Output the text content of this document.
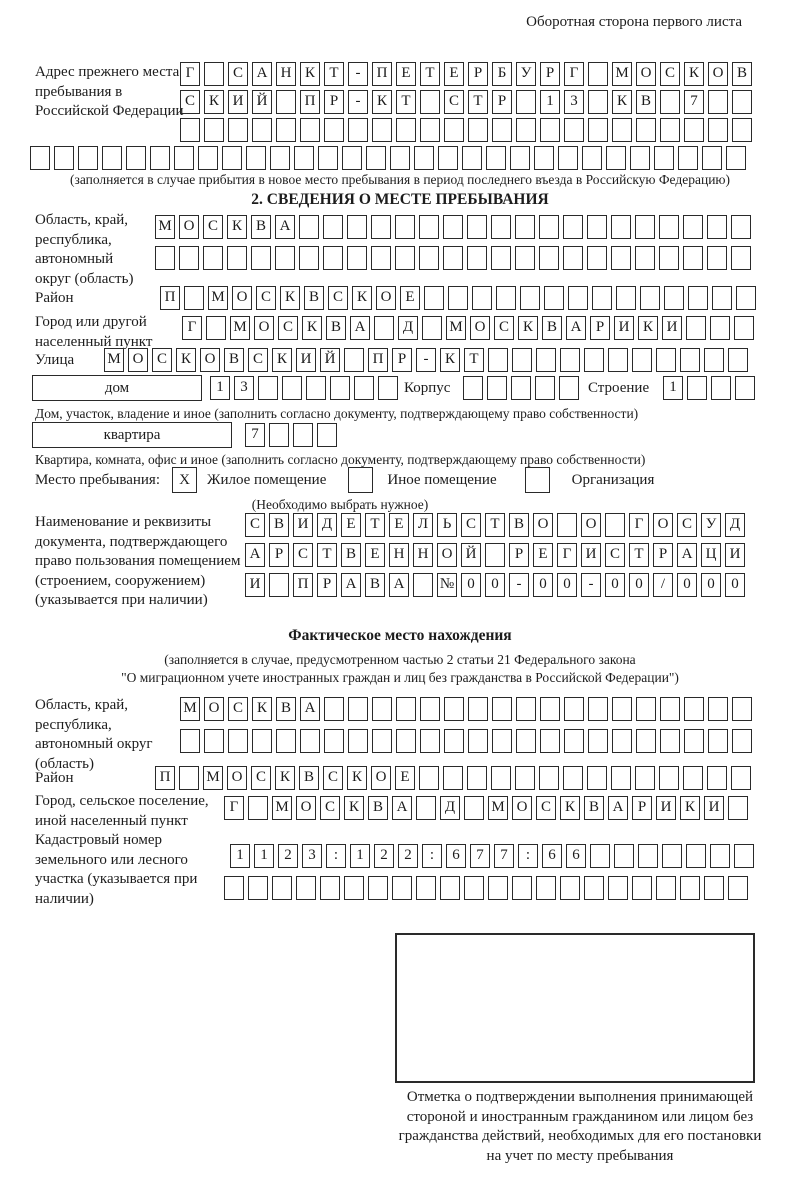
Оборотная сторона первого листа
Адрес прежнего места пребывания в Российской Федерации
Г	С А Н К Т	-	П Е Т Е	Р	Б У Р	Г	М О С К О В
С К И Й	П Р	-	К Т	С Т	Р	1	3	К В	7
(заполняется в случае прибытия в новое место пребывания в период последнего въезда в Российскую Федерацию)
2. СВЕДЕНИЯ О МЕСТЕ ПРЕБЫВАНИЯ
Область, край, республика, автономный округ (область)
М О С К В А
Район	П	М О С К В С К О Е
Город или другой населенный пункт
Г	М О С К В А	Д	М О С К В А Р И К И
Улица М О С К О В С К И Й	П Р	-	К Т
дом	1	3	Корпус	Строение	1
Дом, участок, владение и иное (заполнить согласно документу, подтверждающему право собственности)
квартира	7
Квартира, комната, офис и иное (заполнить согласно документу, подтверждающему право собственности)
Место пребывания:	X	Жилое помещение	Иное помещение	Организация
(Необходимо выбрать нужное)
Наименование и реквизиты документа, подтверждающего право пользования помещением (строением, сооружением) (указывается при наличии)
С В И Д Е Т Е Л Ь С Т В О	О	Г О С У Д
А Р С Т В Е Н Н О Й	Р	Е	Г И С Т	Р А Ц И
И	П Р А В А	№ 0	0	-	0	0	-	0	0	/	0	0	0
Фактическое место нахождения
(заполняется в случае, предусмотренном частью 2 статьи 21 Федерального закона
"О миграционном учете иностранных граждан и лиц без гражданства в Российской Федерации")
Область, край, республика, автономный округ (область)
М О С К В А
Район	П	М О С К В С К О Е
Город, сельское поселение, иной населенный пункт
Г	М О С К В А	Д	М О С К В А Р И К И
Кадастровый номер земельного или лесного участка (указывается при наличии)
1	1	2	3	:	1	2	2	:	6	7	7	:	6	6
Отметка о подтверждении выполнения принимающей стороной и иностранным гражданином или лицом без гражданства действий, необходимых для его постановки на учет по месту пребывания
